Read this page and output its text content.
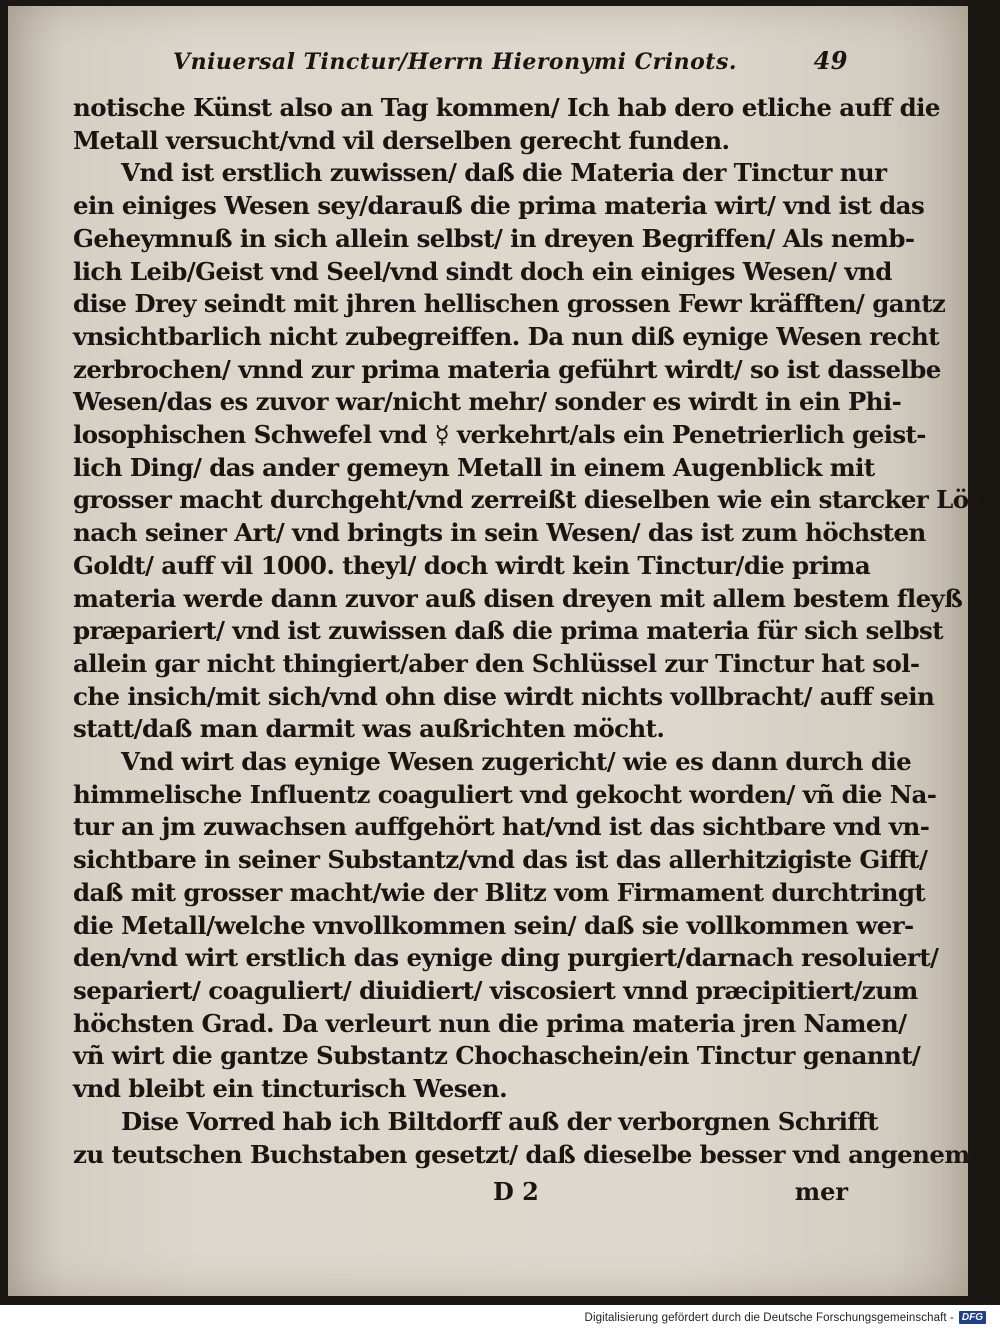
Vniuersal Tinctur/Herrn Hieronymi Crinots.	49
notische Künst also an Tag kommen/ Ich hab dero etliche auff die
Metall versucht/vnd vil derselben gerecht funden.
Vnd ist erstlich zuwissen/ daß die Materia der Tinctur nur
ein einiges Wesen sey/darauß die prima materia wirt/ vnd ist das
Geheymnuß in sich allein selbst/ in dreyen Begriffen/ Als nemb-
lich Leib/Geist vnd Seel/vnd sindt doch ein einiges Wesen/ vnd
dise Drey seindt mit jhren hellischen grossen Fewr kräfften/ gantz
vnsichtbarlich nicht zubegreiffen. Da nun diß eynige Wesen recht
zerbrochen/ vnnd zur prima materia geführt wirdt/ so ist dasselbe
Wesen/das es zuvor war/nicht mehr/ sonder es wirdt in ein Phi-
losophischen Schwefel vnd ☿ verkehrt/als ein Penetrierlich geist-
lich Ding/ das ander gemeyn Metall in einem Augenblick mit
grosser macht durchgeht/vnd zerreißt dieselben wie ein starcker Löw
nach seiner Art/ vnd bringts in sein Wesen/ das ist zum höchsten
Goldt/ auff vil 1000. theyl/ doch wirdt kein Tinctur/die prima
materia werde dann zuvor auß disen dreyen mit allem bestem fleyß
præpariert/ vnd ist zuwissen daß die prima materia für sich selbst
allein gar nicht thingiert/aber den Schlüssel zur Tinctur hat sol-
che insich/mit sich/vnd ohn dise wirdt nichts vollbracht/ auff sein
statt/daß man darmit was außrichten möcht.
Vnd wirt das eynige Wesen zugericht/ wie es dann durch die
himmelische Influentz coaguliert vnd gekocht worden/ vñ die Na-
tur an jm zuwachsen auffgehört hat/vnd ist das sichtbare vnd vn-
sichtbare in seiner Substantz/vnd das ist das allerhitzigiste Gifft/
daß mit grosser macht/wie der Blitz vom Firmament durchtringt
die Metall/welche vnvollkommen sein/ daß sie vollkommen wer-
den/vnd wirt erstlich das eynige ding purgiert/darnach resoluiert/
separiert/ coaguliert/ diuidiert/ viscosiert vnnd præcipitiert/zum
höchsten Grad. Da verleurt nun die prima materia jren Namen/
vñ wirt die gantze Substantz Chochaschein/ein Tinctur genannt/
vnd bleibt ein tincturisch Wesen.
Dise Vorred hab ich Biltdorff auß der verborgnen Schrifft
zu teutschen Buchstaben gesetzt/ daß dieselbe besser vnd angenem-
D 2	mer
Digitalisierung gefördert durch die Deutsche Forschungsgemeinschaft - DFG
